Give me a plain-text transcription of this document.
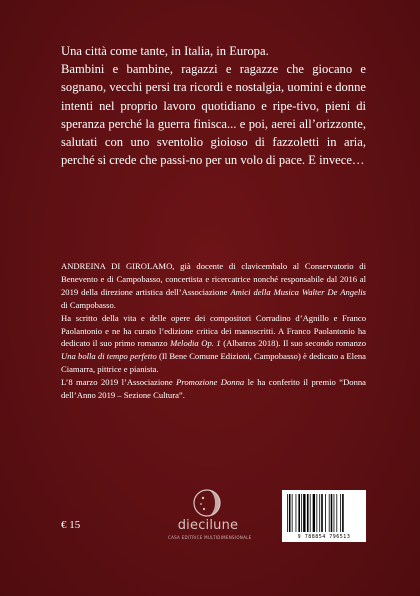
Una città come tante, in Italia, in Europa.

Bambini e bambine, ragazzi e ragazze che giocano e sognano, vecchi persi tra ricordi e nostalgia, uomini e donne intenti nel proprio lavoro quotidiano e ripe-tivo, pieni di speranza perché la guerra finisca... e poi, aerei all’orizzonte, salutati con uno sventolio gioioso di fazzoletti in aria, perché si crede che passi-no per un volo di pace. E invece…

ANDREINA DI GIROLAMO, già docente di clavicembalo al Conservatorio di Benevento e di Campobasso, concertista e ricercatrice nonché responsabile dal 2016 al 2019 della direzione artistica dell’Associazione Amici della Musica Walter De Angelis di Campobasso.

Ha scritto della vita e delle opere dei compositori Corradino d’Agnillo e Franco Paolantonio e ne ha curato l’edizione critica dei manoscritti. A Franco Paolantonio ha dedicato il suo primo romanzo Melodia Op. 1 (Albatros 2018). Il suo secondo romanzo Una bolla di tempo perfetto (Il Bene Comune Edizioni, Campobasso) è dedicato a Elena Ciamarra, pittrice e pianista.

L’8 marzo 2019 l’Associazione Promozione Donna le ha conferito il premio “Donna dell’Anno 2019 – Sezione Cultura”.

€ 15	diecilune
CASA EDITRICE MULTIDIMENSIONALE	9 788854 796513
